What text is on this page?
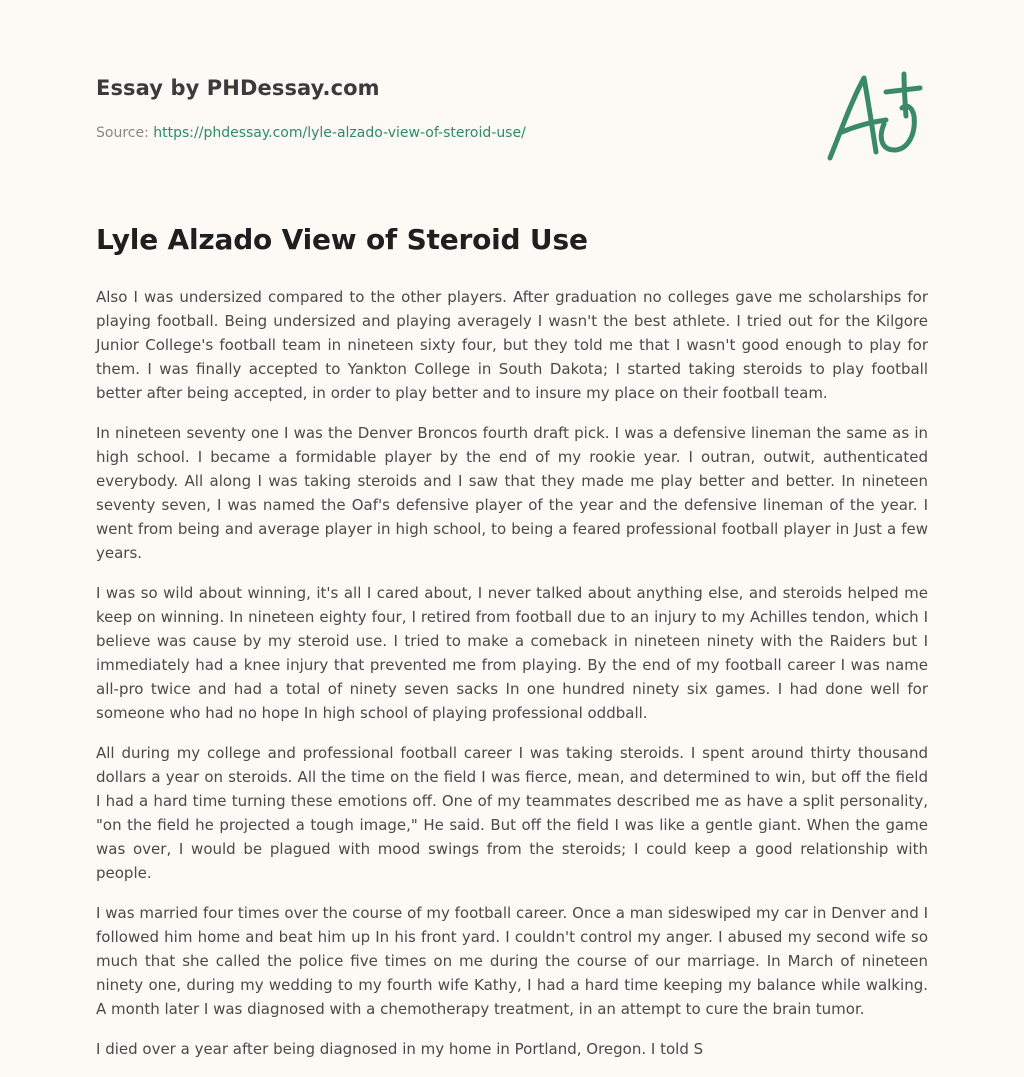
Essay by PHDessay.com

Source: https://phdessay.com/lyle-alzado-view-of-steroid-use/
Lyle Alzado View of Steroid Use

Also I was undersized compared to the other players. After graduation no colleges gave me scholarships for playing football. Being undersized and playing averagely I wasn't the best athlete. I tried out for the Kilgore Junior College's football team in nineteen sixty four, but they told me that I wasn't good enough to play for them. I was finally accepted to Yankton College in South Dakota; I started taking steroids to play football better after being accepted, in order to play better and to insure my place on their football team.

In nineteen seventy one I was the Denver Broncos fourth draft pick. I was a defensive lineman the same as in high school. I became a formidable player by the end of my rookie year. I outran, outwit, authenticated everybody. All along I was taking steroids and I saw that they made me play better and better. In nineteen seventy seven, I was named the Oaf's defensive player of the year and the defensive lineman of the year. I went from being and average player in high school, to being a feared professional football player in Just a few years.

I was so wild about winning, it's all I cared about, I never talked about anything else, and steroids helped me keep on winning. In nineteen eighty four, I retired from football due to an injury to my Achilles tendon, which I believe was cause by my steroid use. I tried to make a comeback in nineteen ninety with the Raiders but I immediately had a knee injury that prevented me from playing. By the end of my football career I was name all-pro twice and had a total of ninety seven sacks In one hundred ninety six games. I had done well for someone who had no hope In high school of playing professional oddball.

All during my college and professional football career I was taking steroids. I spent around thirty thousand dollars a year on steroids. All the time on the field I was fierce, mean, and determined to win, but off the field I had a hard time turning these emotions off. One of my teammates described me as have a split personality, "on the field he projected a tough image," He said. But off the field I was like a gentle giant. When the game was over, I would be plagued with mood swings from the steroids; I could keep a good relationship with people.

I was married four times over the course of my football career. Once a man sideswiped my car in Denver and I followed him home and beat him up In his front yard. I couldn't control my anger. I abused my second wife so much that she called the police five times on me during the course of our marriage. In March of nineteen ninety one, during my wedding to my fourth wife Kathy, I had a hard time keeping my balance while walking. A month later I was diagnosed with a chemotherapy treatment, in an attempt to cure the brain tumor.

I died over a year after being diagnosed in my home in Portland, Oregon. I told S
